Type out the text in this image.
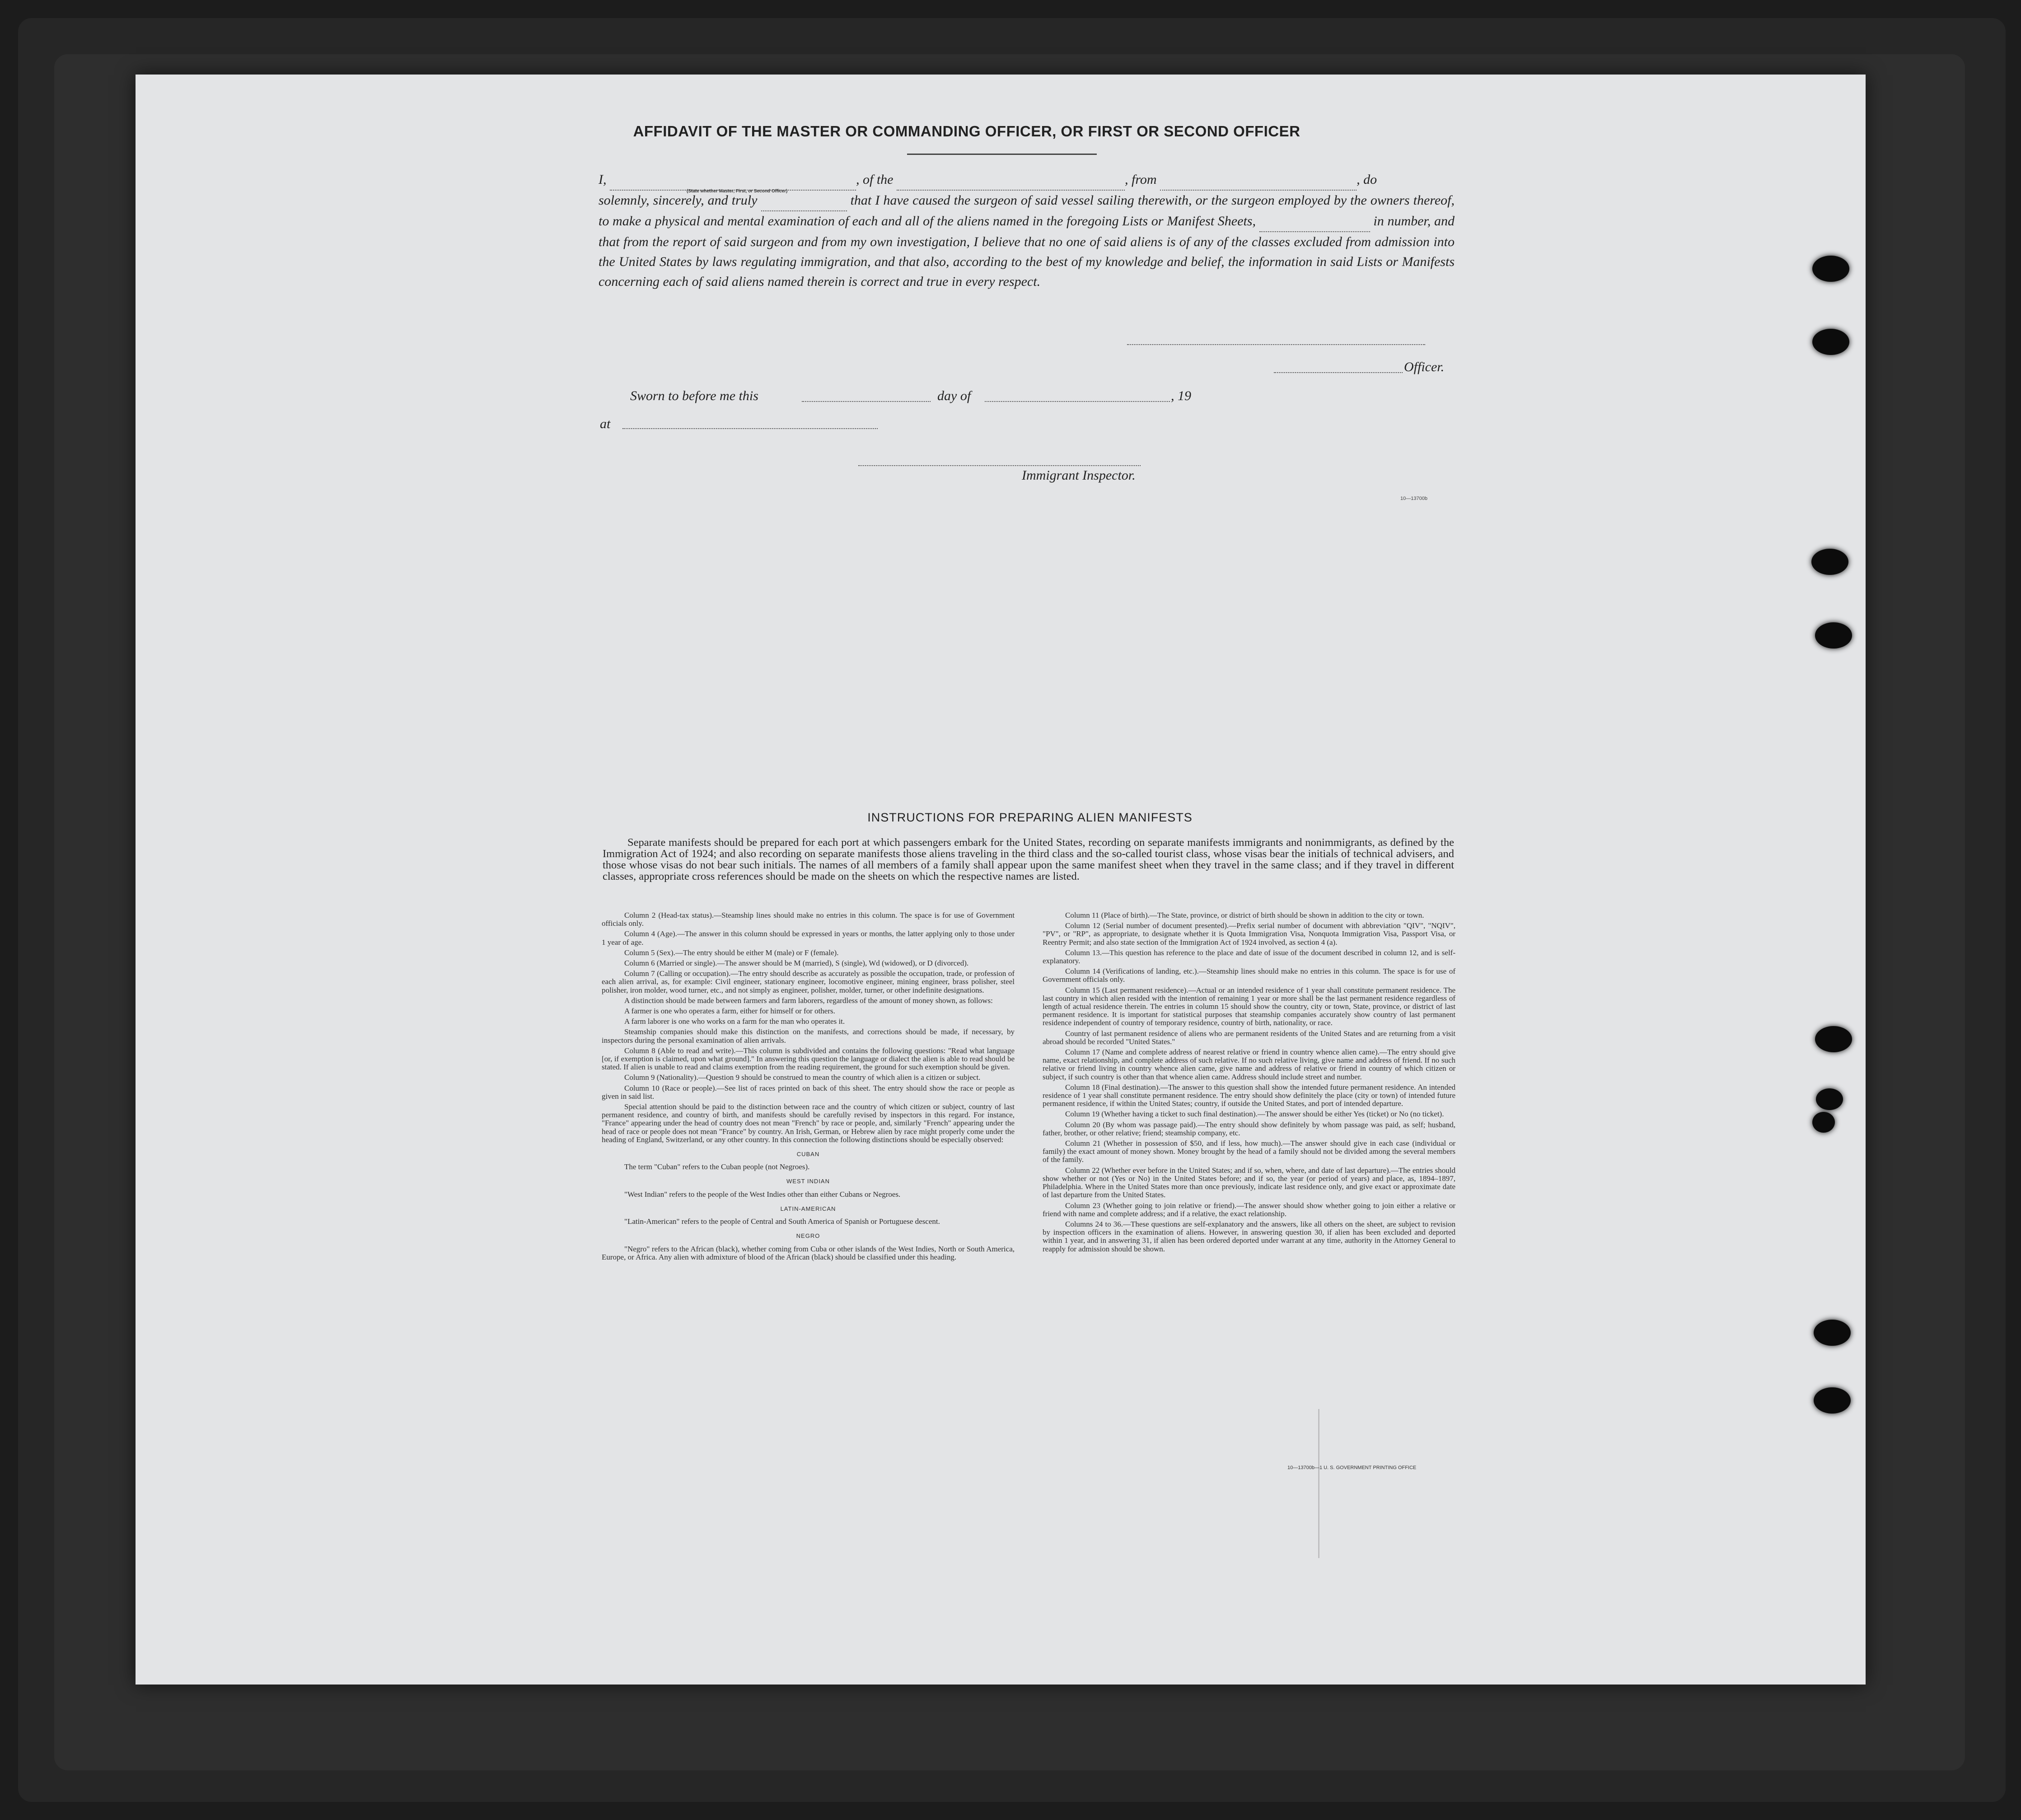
AFFIDAVIT OF THE MASTER OR COMMANDING OFFICER, OR FIRST OR SECOND OFFICER
I,	, of the	, from	, do
solemnly, sincerely, and truly	that I have caused the surgeon of said vessel sailing therewith, or the surgeon employed by the owners thereof, to make a physical and mental examination of each and all of the aliens named in the foregoing Lists or Manifest Sheets,	in number, and that from the report of said surgeon and from my own investigation, I believe that no one of said aliens is of any of the classes excluded from admission into the United States by laws regulating immigration, and that also, according to the best of my knowledge and belief, the information in said Lists or Manifests concerning each of said aliens named therein is correct and true in every respect.
(State whether Master, First, or Second Officer)
Officer.
Sworn to before me this	day of	, 19
at
Immigrant Inspector.
10—13700b
INSTRUCTIONS FOR PREPARING ALIEN MANIFESTS

Separate manifests should be prepared for each port at which passengers embark for the United States, recording on separate manifests immigrants and nonimmigrants, as defined by the Immigration Act of 1924; and also recording on separate manifests those aliens traveling in the third class and the so-called tourist class, whose visas bear the initials of technical advisers, and those whose visas do not bear such initials. The names of all members of a family shall appear upon the same manifest sheet when they travel in the same class; and if they travel in different classes, appropriate cross references should be made on the sheets on which the respective names are listed.

Column 2 (Head-tax status).—Steamship lines should make no entries in this column. The space is for use of Government officials only.

Column 4 (Age).—The answer in this column should be expressed in years or months, the latter applying only to those under 1 year of age.

Column 5 (Sex).—The entry should be either M (male) or F (female).

Column 6 (Married or single).—The answer should be M (married), S (single), Wd (widowed), or D (divorced).

Column 7 (Calling or occupation).—The entry should describe as accurately as possible the occupation, trade, or profession of each alien arrival, as, for example: Civil engineer, stationary engineer, locomotive engineer, mining engineer, brass polisher, steel polisher, iron molder, wood turner, etc., and not simply as engineer, polisher, molder, turner, or other indefinite designations.

A distinction should be made between farmers and farm laborers, regardless of the amount of money shown, as follows:

A farmer is one who operates a farm, either for himself or for others.

A farm laborer is one who works on a farm for the man who operates it.

Steamship companies should make this distinction on the manifests, and corrections should be made, if necessary, by inspectors during the personal examination of alien arrivals.

Column 8 (Able to read and write).—This column is subdivided and contains the following questions: "Read what language [or, if exemption is claimed, upon what ground]." In answering this question the language or dialect the alien is able to read should be stated. If alien is unable to read and claims exemption from the reading requirement, the ground for such exemption should be given.

Column 9 (Nationality).—Question 9 should be construed to mean the country of which alien is a citizen or subject.

Column 10 (Race or people).—See list of races printed on back of this sheet. The entry should show the race or people as given in said list.

Special attention should be paid to the distinction between race and the country of which citizen or subject, country of last permanent residence, and country of birth, and manifests should be carefully revised by inspectors in this regard. For instance, "France" appearing under the head of country does not mean "French" by race or people, and, similarly "French" appearing under the head of race or people does not mean "France" by country. An Irish, German, or Hebrew alien by race might properly come under the heading of England, Switzerland, or any other country. In this connection the following distinctions should be especially observed:

CUBAN

The term "Cuban" refers to the Cuban people (not Negroes).

WEST INDIAN

"West Indian" refers to the people of the West Indies other than either Cubans or Negroes.

LATIN-AMERICAN

"Latin-American" refers to the people of Central and South America of Spanish or Portuguese descent.

NEGRO

"Negro" refers to the African (black), whether coming from Cuba or other islands of the West Indies, North or South America, Europe, or Africa. Any alien with admixture of blood of the African (black) should be classified under this heading.

Column 11 (Place of birth).—The State, province, or district of birth should be shown in addition to the city or town.

Column 12 (Serial number of document presented).—Prefix serial number of document with abbreviation "QIV", "NQIV", "PV", or "RP", as appropriate, to designate whether it is Quota Immigration Visa, Nonquota Immigration Visa, Passport Visa, or Reentry Permit; and also state section of the Immigration Act of 1924 involved, as section 4 (a).

Column 13.—This question has reference to the place and date of issue of the document described in column 12, and is self-explanatory.

Column 14 (Verifications of landing, etc.).—Steamship lines should make no entries in this column. The space is for use of Government officials only.

Column 15 (Last permanent residence).—Actual or an intended residence of 1 year shall constitute permanent residence. The last country in which alien resided with the intention of remaining 1 year or more shall be the last permanent residence regardless of length of actual residence therein. The entries in column 15 should show the country, city or town, State, province, or district of last permanent residence. It is important for statistical purposes that steamship companies accurately show country of last permanent residence independent of country of temporary residence, country of birth, nationality, or race.

Country of last permanent residence of aliens who are permanent residents of the United States and are returning from a visit abroad should be recorded "United States."

Column 17 (Name and complete address of nearest relative or friend in country whence alien came).—The entry should give name, exact relationship, and complete address of such relative. If no such relative living, give name and address of friend. If no such relative or friend living in country whence alien came, give name and address of relative or friend in country of which citizen or subject, if such country is other than that whence alien came. Address should include street and number.

Column 18 (Final destination).—The answer to this question shall show the intended future permanent residence. An intended residence of 1 year shall constitute permanent residence. The entry should show definitely the place (city or town) of intended future permanent residence, if within the United States; country, if outside the United States, and port of intended departure.

Column 19 (Whether having a ticket to such final destination).—The answer should be either Yes (ticket) or No (no ticket).

Column 20 (By whom was passage paid).—The entry should show definitely by whom passage was paid, as self; husband, father, brother, or other relative; friend; steamship company, etc.

Column 21 (Whether in possession of $50, and if less, how much).—The answer should give in each case (individual or family) the exact amount of money shown. Money brought by the head of a family should not be divided among the several members of the family.

Column 22 (Whether ever before in the United States; and if so, when, where, and date of last departure).—The entries should show whether or not (Yes or No) in the United States before; and if so, the year (or period of years) and place, as, 1894–1897, Philadelphia. Where in the United States more than once previously, indicate last residence only, and give exact or approximate date of last departure from the United States.

Column 23 (Whether going to join relative or friend).—The answer should show whether going to join either a relative or friend with name and complete address; and if a relative, the exact relationship.

Columns 24 to 36.—These questions are self-explanatory and the answers, like all others on the sheet, are subject to revision by inspection officers in the examination of aliens. However, in answering question 30, if alien has been excluded and deported within 1 year, and in answering 31, if alien has been ordered deported under warrant at any time, authority in the Attorney General to reapply for admission should be shown.

10—13700b—1 U. S. GOVERNMENT PRINTING OFFICE
